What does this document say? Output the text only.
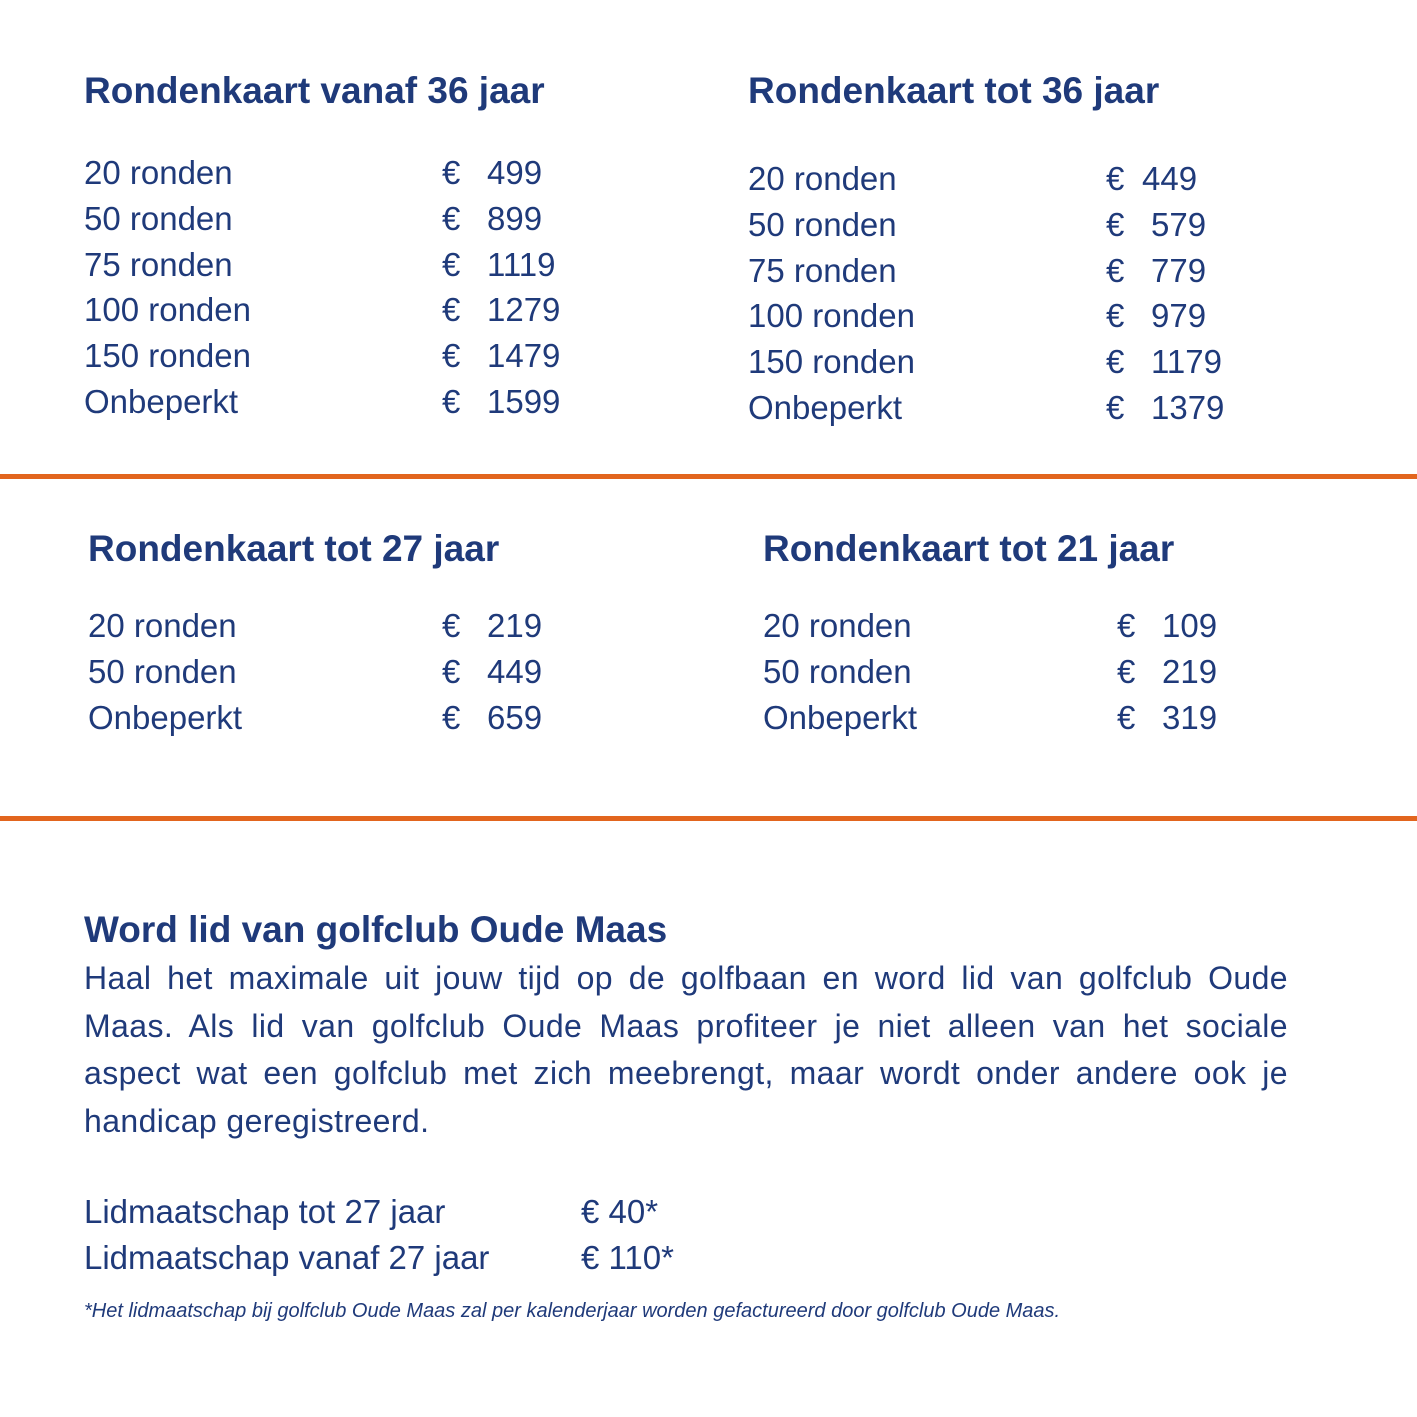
Rondenkaart vanaf 36 jaar
20 ronden	€ 499
50 ronden	€ 899
75 ronden	€ 1119
100 ronden	€ 1279
150 ronden	€ 1479
Onbeperkt	€ 1599
Rondenkaart tot 36 jaar
20 ronden	€ 449
50 ronden	€ 579
75 ronden	€ 779
100 ronden	€ 979
150 ronden	€ 1179
Onbeperkt	€ 1379
Rondenkaart tot 27 jaar
20 ronden	€ 219
50 ronden	€ 449
Onbeperkt	€ 659
Rondenkaart tot 21 jaar
20 ronden	€ 109
50 ronden	€ 219
Onbeperkt	€ 319
Word lid van golfclub Oude Maas

Haal het maximale uit jouw tijd op de golfbaan en word lid van golfclub Oude Maas. Als lid van golfclub Oude Maas profiteer je niet alleen van het sociale aspect wat een golfclub met zich meebrengt, maar wordt onder andere ook je handicap geregistreerd.

Lidmaatschap tot 27 jaar	€ 40*
Lidmaatschap vanaf 27 jaar	€ 110*

*Het lidmaatschap bij golfclub Oude Maas zal per kalenderjaar worden gefactureerd door golfclub Oude Maas.
